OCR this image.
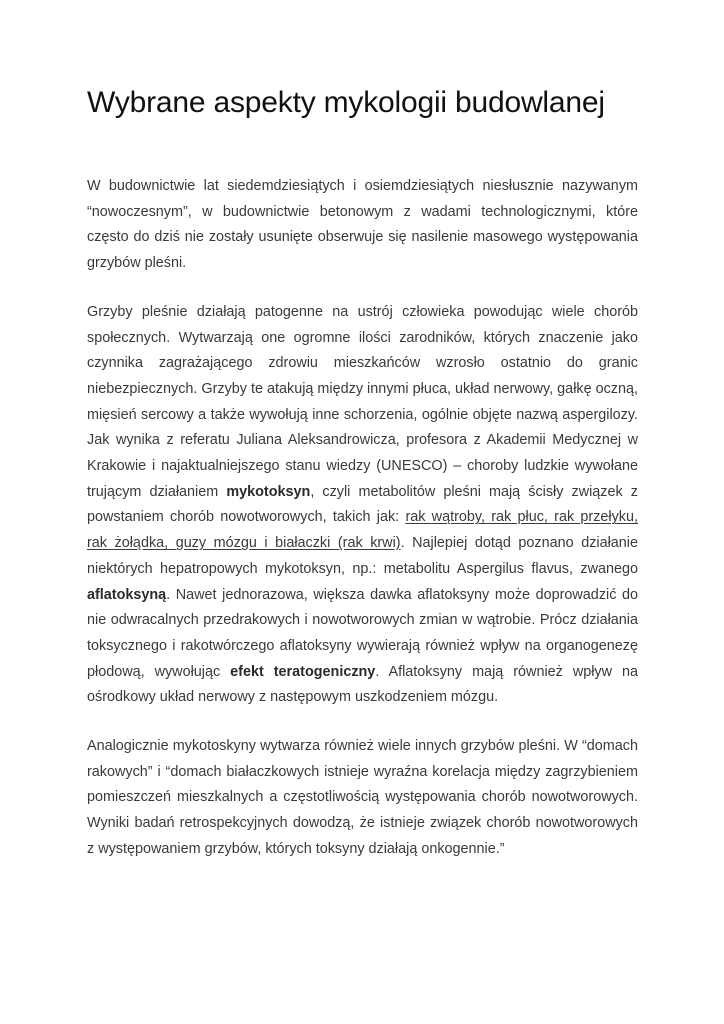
Wybrane aspekty mykologii budowlanej

W budownictwie lat siedemdziesiątych i osiemdziesiątych niesłusznie nazywanym “nowoczesnym”, w budownictwie betonowym z wadami technologicznymi, które często do dziś nie zostały usunięte obserwuje się nasilenie masowego występowania grzybów pleśni.

Grzyby pleśnie działają patogenne na ustrój człowieka powodując wiele chorób społecznych. Wytwarzają one ogromne ilości zarodników, których znaczenie jako czynnika zagrażającego zdrowiu mieszkańców wzrosło ostatnio do granic niebezpiecznych. Grzyby te atakują między innymi płuca, układ nerwowy, gałkę oczną, mięsień sercowy a także wywołują inne schorzenia, ogólnie objęte nazwą aspergilozy. Jak wynika z referatu Juliana Aleksandrowicza, profesora z Akademii Medycznej w Krakowie i najaktualniejszego stanu wiedzy (UNESCO) – choroby ludzkie wywołane trującym działaniem mykotoksyn, czyli metabolitów pleśni mają ścisły związek z powstaniem chorób nowotworowych, takich jak: rak wątroby, rak płuc, rak przełyku, rak żołądka, guzy mózgu i białaczki (rak krwi). Najlepiej dotąd poznano działanie niektórych hepatropowych mykotoksyn, np.: metabolitu Aspergilus flavus, zwanego aflatoksyną. Nawet jednorazowa, większa dawka aflatoksyny może doprowadzić do nie odwracalnych przedrakowych i nowotworowych zmian w wątrobie. Prócz działania toksycznego i rakotwórczego aflatoksyny wywierają również wpływ na organogenezę płodową, wywołując efekt teratogeniczny. Aflatoksyny mają również wpływ na ośrodkowy układ nerwowy z następowym uszkodzeniem mózgu.

Analogicznie mykotoskyny wytwarza również wiele innych grzybów pleśni. W “domach rakowych” i “domach białaczkowych istnieje wyraźna korelacja między zagrzybieniem pomieszczeń mieszkalnych a częstotliwością występowania chorób nowotworowych. Wyniki badań retrospekcyjnych dowodzą, że istnieje związek chorób nowotworowych z występowaniem grzybów, których toksyny działają onkogennie.”
